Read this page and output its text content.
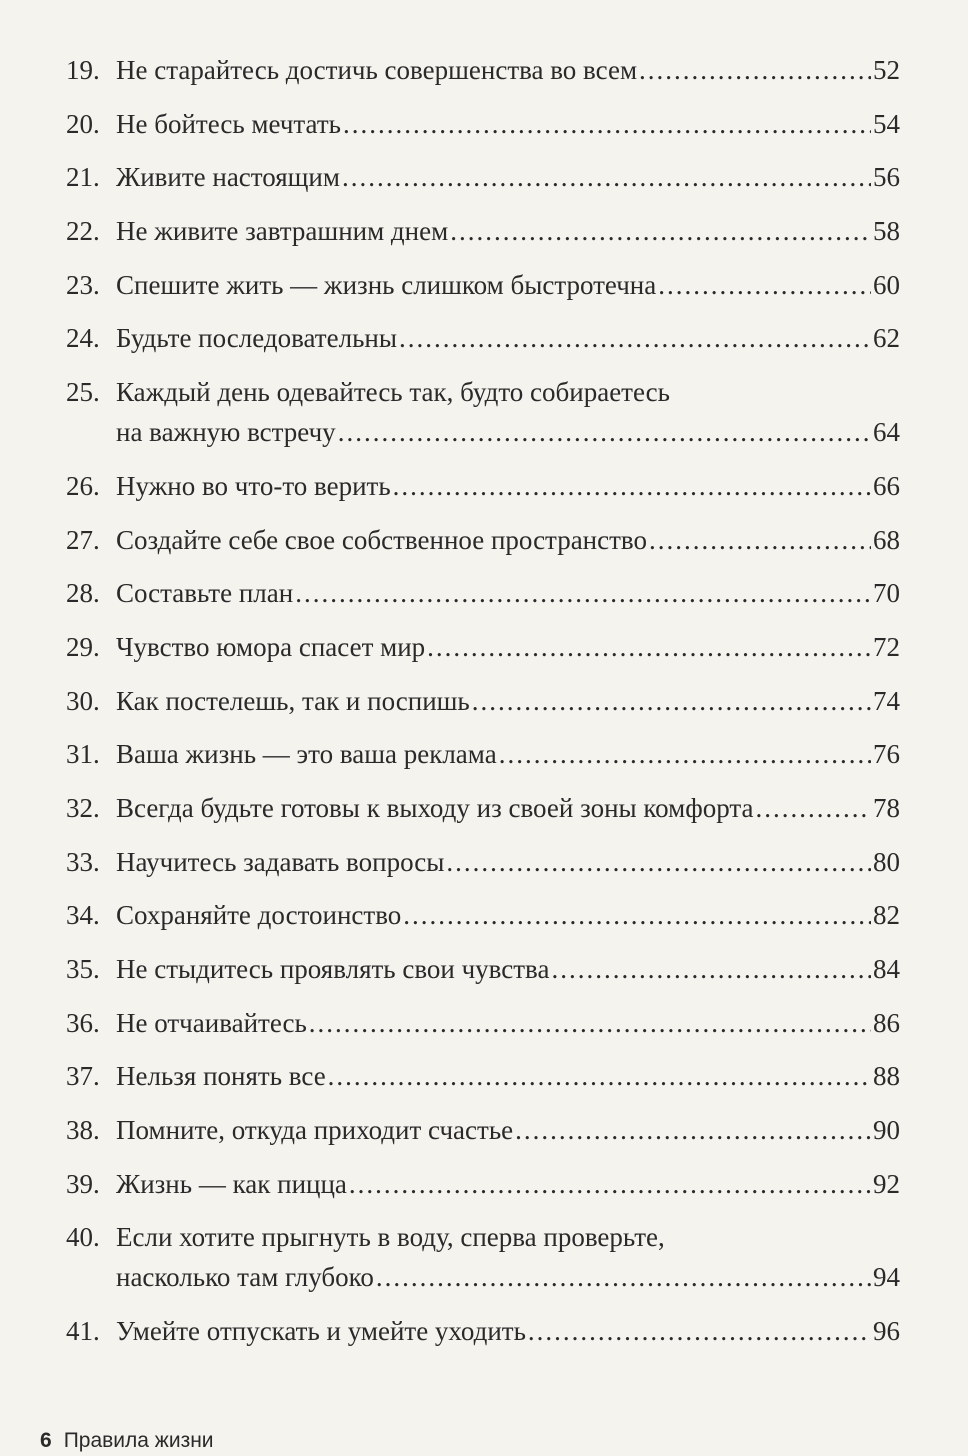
19. Не старайтесь достичь совершенства во всем .....	52
20. Не бойтесь мечтать .....	54
21. Живите настоящим .....	56
22. Не живите завтрашним днем .....	58
23. Спешите жить — жизнь слишком быстротечна .....	60
24. Будьте последовательны .....	62
25. Каждый день одевайтесь так, будто собираетесь
на важную встречу .....	64
26. Нужно во что-то верить .....	66
27. Создайте себе свое собственное пространство .....	68
28. Составьте план .....	70
29. Чувство юмора спасет мир .....	72
30. Как постелешь, так и поспишь .....	74
31. Ваша жизнь — это ваша реклама .....	76
32. Всегда будьте готовы к выходу из своей зоны комфорта .....	78
33. Научитесь задавать вопросы .....	80
34. Сохраняйте достоинство .....	82
35. Не стыдитесь проявлять свои чувства .....	84
36. Не отчаивайтесь .....	86
37. Нельзя понять все .....	88
38. Помните, откуда приходит счастье .....	90
39. Жизнь — как пицца .....	92
40. Если хотите прыгнуть в воду, сперва проверьте,
насколько там глубоко .....	94
41. Умейте отпускать и умейте уходить .....	96
6 Правила жизни
